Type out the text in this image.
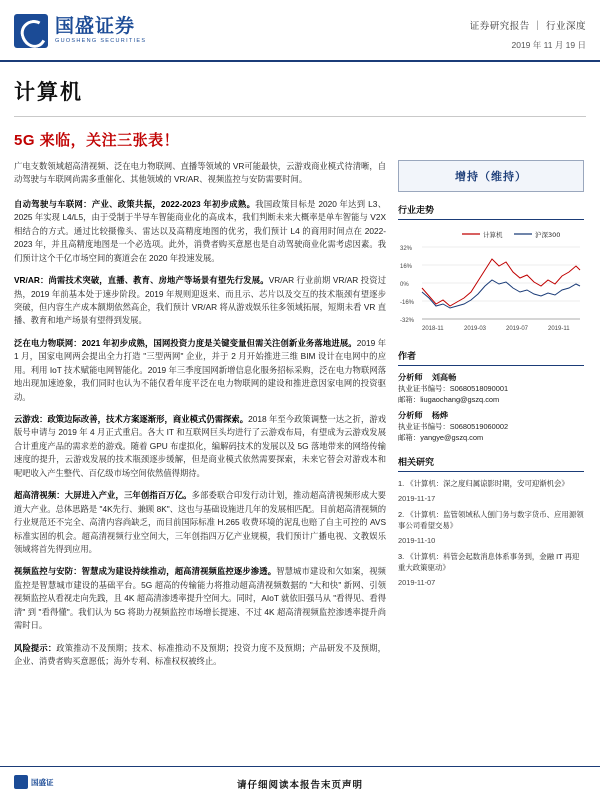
国盛证券
GUOSHENG SECURITIES
证券研究报告 ｜ 行业深度
2019 年 11 月 19 日
计算机
5G 来临，关注三张表！
广电支数领域超高清视频、泛在电力物联网、直播等领域的 VR可能最快，云游戏商业模式待清晰，自动驾驶与车联网尚需多重催化、其他领域的 VR/AR、视频监控与安防需要时间。
自动驾驶与车联网：产业、政策共振，2022-2023 年初步成熟。我国政策目标是 2020 年达到 L3、2025 年实现 L4/L5，由于受制于半导车智能商业化的高成本，我们判断未来大概率是单车智能与 V2X 相结合的方式。通过比较摄像头、雷达以及高精度地图的优劣，我们预计 L4 的商用时间点在 2022-2023 年，并且高精度地图是一个必选项。此外，消费者购买意愿也是自动驾驶商业化需考虑因素。我们预计这个千亿市场空间的赛道会在 2020 年投速发展。
VR/AR：尚需技术突破，直播、教育、房地产等场景有望先行发展。VR/AR 行业前期 VR/AR 投资过热，2019 年前基本处于速步阶段。2019 年规则迎返来、而且示、芯片以及交互的技术瓶颈有望逐步突破，但内容生产成本额期依然高企，我们预计 VR/AR 将从游戏娱乐往多领域拓展，短期未看 VR 直播、教育和地产场景有望得到发展。
泛在电力物联网：2021 年初步成熟，国网投资力度是关键变量但需关注创新业务落地进展。2019 年 1 月，国家电网两会提出全力打造 "三型两网" 企业，并于 2 月开始推进三维 BIM 设计在电网中的应用。利用 IoT 技术赋能电网智能化。2019 年三季度国网新增信息化服务招标采购，泛在电力物联网落地出现加速迹象，我们同时也认为不能仅看年度平泛在电力物联网的建设和推进意因家电网的投资驱动。
云游戏：政策边际改善，技术方案逐渐形，商业模式仍需探索。2018 年至今政策调整一达之折，游戏版号申请与 2019 年 4 月正式重启。各大 IT 和互联网巨头均进行了云游戏布局，有望成为云游戏发展合计重度产品的需求差的游戏。随着 GPU 布虚拟化，编解码技术的发展以及 5G 落地带来的网络传输速度的提升，云游戏发展的技术瓶颈逐步缓解，但是商业模式依然需要探索，未来它替会对游戏本和呢吧收入产生整代、百亿级市场空间依然值得期待。
超高清视频：大屏进入产业，三年创指百万亿。多部委联合印发行动计划，推动超高清视频形成大要道大产业。总体思路是 "4K先行、兼顾 8K"、这也与基础设施进几年的发展相匹配。目前超高清视频的行业规范还不完全、高清内容尚缺乏，而目前国际标准 H.265 收费环境的泥乱也赔了自主可控的 AVS 标准实固的机会。超高清视频行业空间大，三年创指四万亿产业规模，我们预计广播电视、文教娱乐领域将首先得到应用。
视频监控与安防：智慧成为建设持续推动，超高清视频监控逐步渗透。智慧城市建设和欠如案，视频监控是智慧城市建设的基础平台。5G 超高的传输能力将推动超高清视频数据的 "大和快" 新网、引领视频监控从看视走向先践，且 4K 超高清渗透率提升空间大。同时，AIoT 就依旧强马从 "看得见、看得清" 到 "看得懂"。我们认为 5G 将助力视频监控市场增长提速、不过 4K 超高清视频监控渗透率提升尚需时日。
风险提示：政策推动不及预期；技术、标准推动不及预期；投资力度不及预期；产品研发不及预期，企业、消费者购买意愿低；海外专利、标准权权被终止。
增持（维持）
行业走势
计算机	沪深300
32%
16%
0%
-16%
-32%
2018-11	2019-03	2019-07	2019-11
作者
分析师 刘高畅
执业证书编号：S0680518090001
邮箱：liugaochang@gszq.com
分析师 杨烨
执业证书编号：S0680519060002
邮箱：yangye@gszq.com
相关研究
1. 《计算机：深之度归属谅影时期，安可迎渐机会》
2019-11-17
2. 《计算机：监管领域私人刨门务与数字货币、应用源领事公司看望交易》
2019-11-10
3. 《计算机：科管会起数消息体系事务到，金融 IT 再迎重大政策驱动》
2019-11-07
国盛证	请仔细阅读本报告末页声明
